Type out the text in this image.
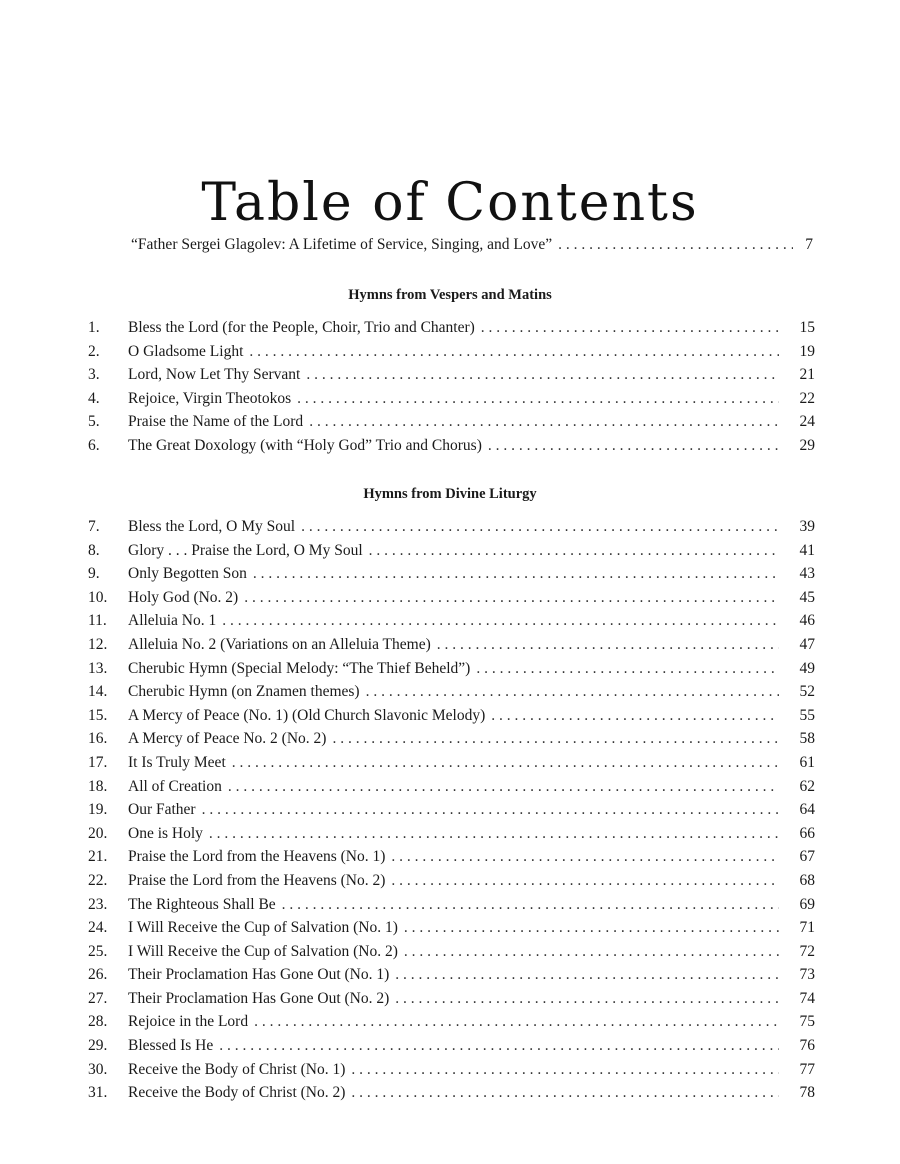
Table of Contents
“Father Sergei Glagolev: A Lifetime of Service, Singing, and Love” . . .	7
Hymns from Vespers and Matins
1.	Bless the Lord (for the People, Choir, Trio and Chanter) . . .	15
2.	O Gladsome Light . . .	19
3.	Lord, Now Let Thy Servant . . .	21
4.	Rejoice, Virgin Theotokos . . .	22
5.	Praise the Name of the Lord . . .	24
6.	The Great Doxology (with “Holy God” Trio and Chorus) . . .	29
Hymns from Divine Liturgy
7.	Bless the Lord, O My Soul . . .	39
8.	Glory . . . Praise the Lord, O My Soul . . .	41
9.	Only Begotten Son . . .	43
10.	Holy God (No. 2) . . .	45
11.	Alleluia No. 1 . . .	46
12.	Alleluia No. 2 (Variations on an Alleluia Theme) . . .	47
13.	Cherubic Hymn (Special Melody: “The Thief Beheld”) . . .	49
14.	Cherubic Hymn (on Znamen themes) . . .	52
15.	A Mercy of Peace (No. 1) (Old Church Slavonic Melody) . . .	55
16.	A Mercy of Peace No. 2 (No. 2) . . .	58
17.	It Is Truly Meet . . .	61
18.	All of Creation . . .	62
19.	Our Father . . .	64
20.	One is Holy . . .	66
21.	Praise the Lord from the Heavens (No. 1) . . .	67
22.	Praise the Lord from the Heavens (No. 2) . . .	68
23.	The Righteous Shall Be . . .	69
24.	I Will Receive the Cup of Salvation (No. 1) . . .	71
25.	I Will Receive the Cup of Salvation (No. 2) . . .	72
26.	Their Proclamation Has Gone Out (No. 1) . . .	73
27.	Their Proclamation Has Gone Out (No. 2) . . .	74
28.	Rejoice in the Lord . . .	75
29.	Blessed Is He . . .	76
30.	Receive the Body of Christ (No. 1) . . .	77
31.	Receive the Body of Christ (No. 2) . . .	78
